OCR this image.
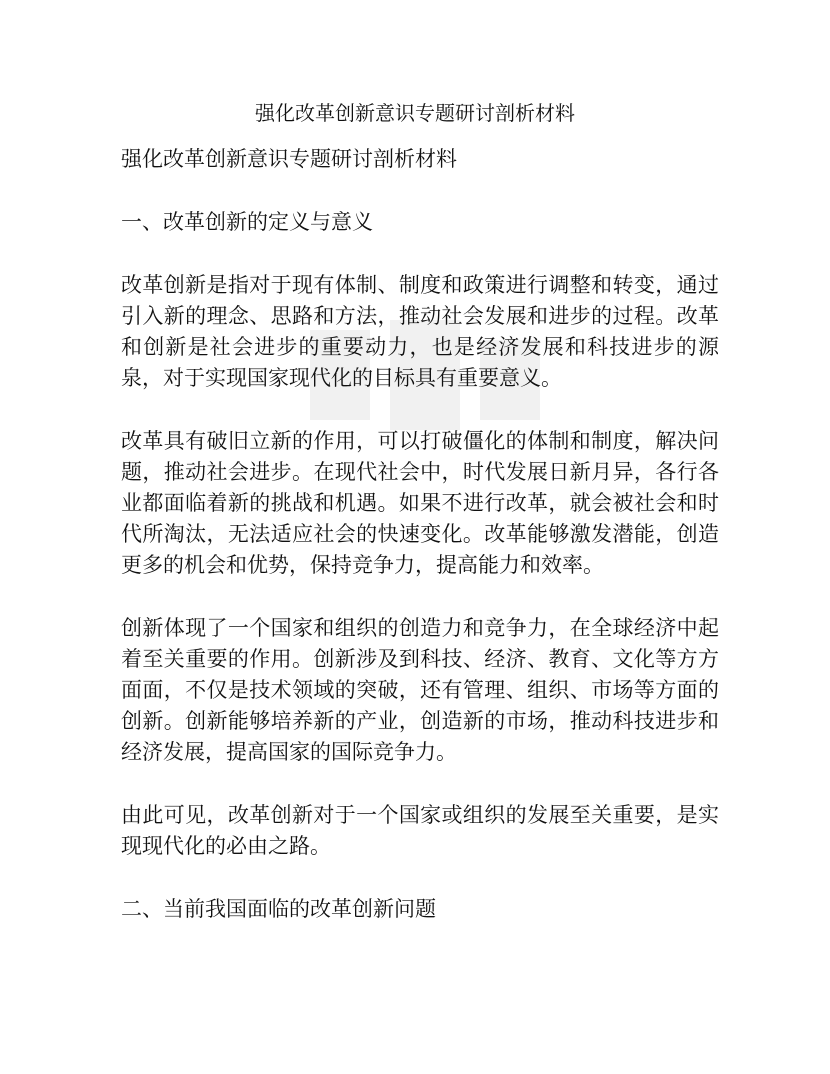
强化改革创新意识专题研讨剖析材料

强化改革创新意识专题研讨剖析材料

一、改革创新的定义与意义

改革创新是指对于现有体制、制度和政策进行调整和转变，通过引入新的理念、思路和方法，推动社会发展和进步的过程。改革和创新是社会进步的重要动力，也是经济发展和科技进步的源泉，对于实现国家现代化的目标具有重要意义。

改革具有破旧立新的作用，可以打破僵化的体制和制度，解决问题，推动社会进步。在现代社会中，时代发展日新月异，各行各业都面临着新的挑战和机遇。如果不进行改革，就会被社会和时代所淘汰，无法适应社会的快速变化。改革能够激发潜能，创造更多的机会和优势，保持竞争力，提高能力和效率。

创新体现了一个国家和组织的创造力和竞争力，在全球经济中起着至关重要的作用。创新涉及到科技、经济、教育、文化等方方面面，不仅是技术领域的突破，还有管理、组织、市场等方面的创新。创新能够培养新的产业，创造新的市场，推动科技进步和经济发展，提高国家的国际竞争力。

由此可见，改革创新对于一个国家或组织的发展至关重要，是实现现代化的必由之路。

二、当前我国面临的改革创新问题
